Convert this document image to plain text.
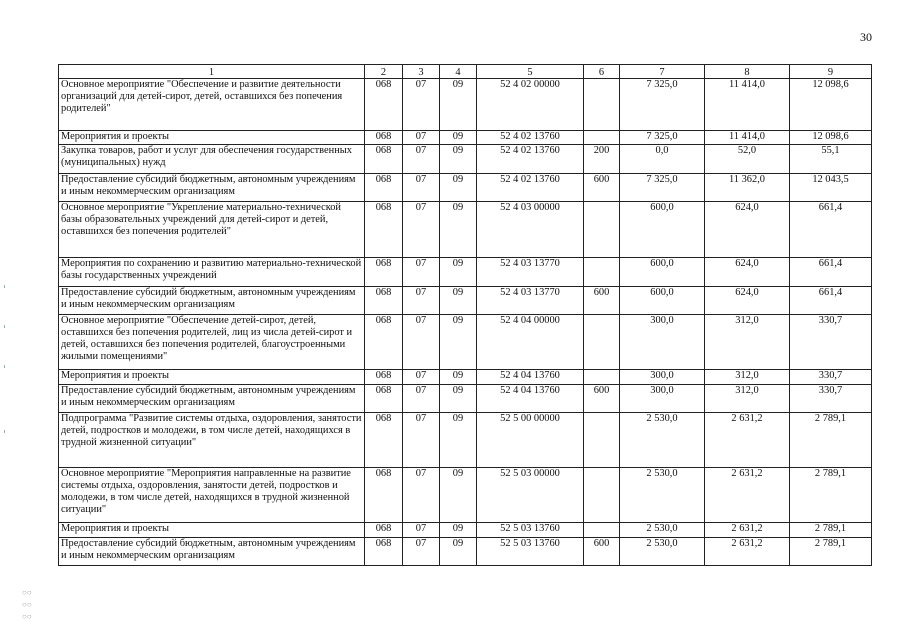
30
1	2	3	4	5	6	7	8	9
Основное мероприятие "Обеспечение и развитие деятельности организаций для детей-сирот, детей, оставшихся без попечения родителей"	068	07	09	52 4 02 00000		7 325,0	11 414,0	12 098,6
Мероприятия и проекты	068	07	09	52 4 02 13760		7 325,0	11 414,0	12 098,6
Закупка товаров, работ и услуг для обеспечения государственных (муниципальных) нужд	068	07	09	52 4 02 13760	200	0,0	52,0	55,1
Предоставление субсидий бюджетным, автономным учреждениям и иным некоммерческим организациям	068	07	09	52 4 02 13760	600	7 325,0	11 362,0	12 043,5
Основное мероприятие "Укрепление материально-технической базы образовательных учреждений для детей-сирот и детей, оставшихся без попечения родителей"	068	07	09	52 4 03 00000		600,0	624,0	661,4
Мероприятия по сохранению и развитию материально-технической базы государственных учреждений	068	07	09	52 4 03 13770		600,0	624,0	661,4
Предоставление субсидий бюджетным, автономным учреждениям и иным некоммерческим организациям	068	07	09	52 4 03 13770	600	600,0	624,0	661,4
Основное мероприятие "Обеспечение детей-сирот, детей, оставшихся без попечения родителей, лиц из числа детей-сирот и детей, оставшихся без попечения родителей, благоустроенными жилыми помещениями"	068	07	09	52 4 04 00000		300,0	312,0	330,7
Мероприятия и проекты	068	07	09	52 4 04 13760		300,0	312,0	330,7
Предоставление субсидий бюджетным, автономным учреждениям и иным некоммерческим организациям	068	07	09	52 4 04 13760	600	300,0	312,0	330,7
Подпрограмма "Развитие системы отдыха, оздоровления, занятости детей, подростков и молодежи, в том числе детей, находящихся в трудной жизненной ситуации"	068	07	09	52 5 00 00000		2 530,0	2 631,2	2 789,1
Основное мероприятие "Мероприятия направленные на развитие системы отдыха, оздоровления, занятости детей, подростков и молодежи, в том числе детей, находящихся в трудной жизненной ситуации"	068	07	09	52 5 03 00000		2 530,0	2 631,2	2 789,1
Мероприятия и проекты	068	07	09	52 5 03 13760		2 530,0	2 631,2	2 789,1
Предоставление субсидий бюджетным, автономным учреждениям и иным некоммерческим организациям	068	07	09	52 5 03 13760	600	2 530,0	2 631,2	2 789,1
○○
○○
○○
